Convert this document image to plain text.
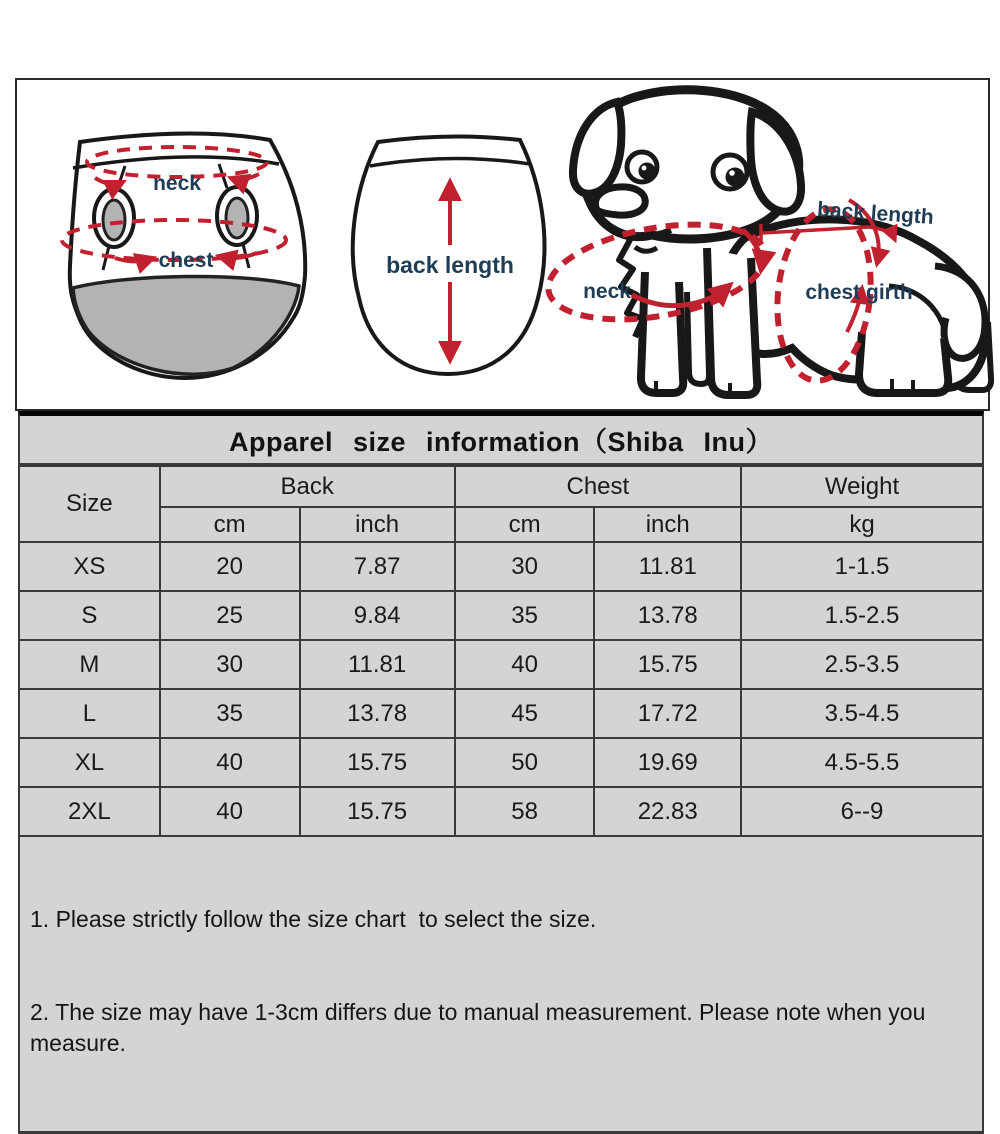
neck
chest	back length
neck
back length
chest girth
Apparel size information（Shiba Inu）
Size	Back		Chest		Weight
	cm	inch	cm	inch	kg
XS	20	7.87	30	11.81	1-1.5
S	25	9.84	35	13.78	1.5-2.5
M	30	11.81	40	15.75	2.5-3.5
L	35	13.78	45	17.72	3.5-4.5
XL	40	15.75	50	19.69	4.5-5.5
2XL	40	15.75	58	22.83	6--9

1. Please strictly follow the size chart  to select the size.

2. The size may have 1-3cm differs due to manual measurement. Please note when you measure.
